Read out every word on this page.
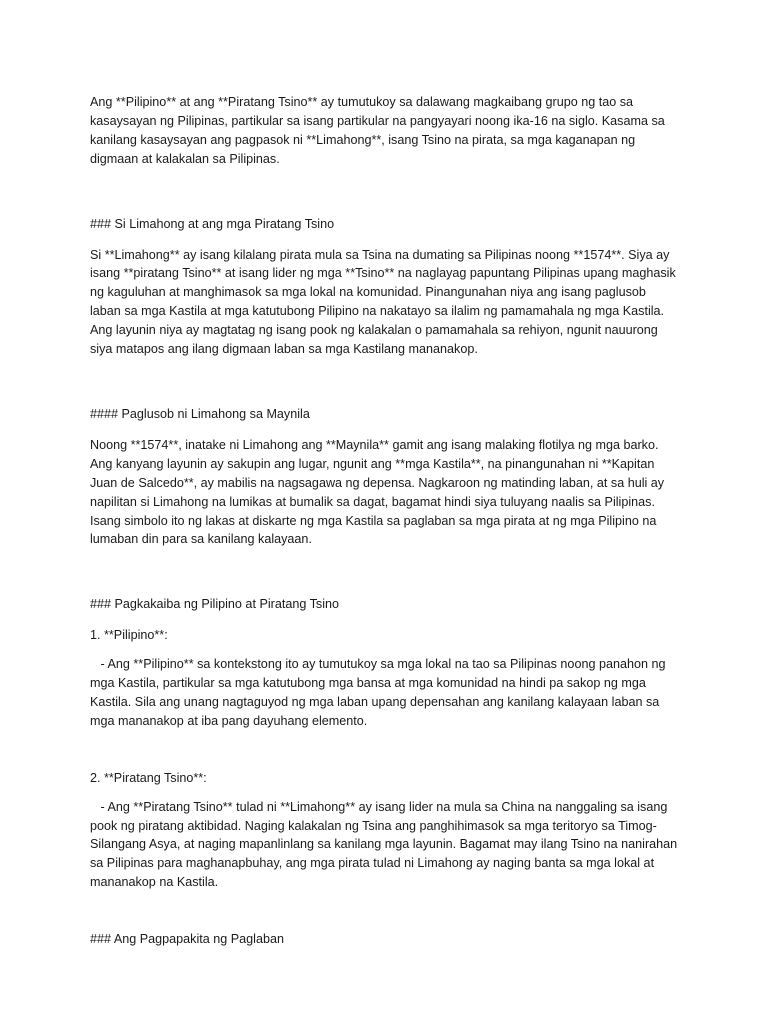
Ang **Pilipino** at ang **Piratang Tsino** ay tumutukoy sa dalawang magkaibang grupo ng tao sa kasaysayan ng Pilipinas, partikular sa isang partikular na pangyayari noong ika-16 na siglo. Kasama sa kanilang kasaysayan ang pagpasok ni **Limahong**, isang Tsino na pirata, sa mga kaganapan ng digmaan at kalakalan sa Pilipinas.

### Si Limahong at ang mga Piratang Tsino

Si **Limahong** ay isang kilalang pirata mula sa Tsina na dumating sa Pilipinas noong **1574**. Siya ay isang **piratang Tsino** at isang lider ng mga **Tsino** na naglayag papuntang Pilipinas upang maghasik ng kaguluhan at manghimasok sa mga lokal na komunidad. Pinangunahan niya ang isang paglusob laban sa mga Kastila at mga katutubong Pilipino na nakatayo sa ilalim ng pamamahala ng mga Kastila. Ang layunin niya ay magtatag ng isang pook ng kalakalan o pamamahala sa rehiyon, ngunit nauurong siya matapos ang ilang digmaan laban sa mga Kastilang mananakop.

#### Paglusob ni Limahong sa Maynila

Noong **1574**, inatake ni Limahong ang **Maynila** gamit ang isang malaking flotilya ng mga barko. Ang kanyang layunin ay sakupin ang lugar, ngunit ang **mga Kastila**, na pinangunahan ni **Kapitan Juan de Salcedo**, ay mabilis na nagsagawa ng depensa. Nagkaroon ng matinding laban, at sa huli ay napilitan si Limahong na lumikas at bumalik sa dagat, bagamat hindi siya tuluyang naalis sa Pilipinas. Isang simbolo ito ng lakas at diskarte ng mga Kastila sa paglaban sa mga pirata at ng mga Pilipino na lumaban din para sa kanilang kalayaan.

### Pagkakaiba ng Pilipino at Piratang Tsino

1. **Pilipino**:

- Ang **Pilipino** sa kontekstong ito ay tumutukoy sa mga lokal na tao sa Pilipinas noong panahon ng mga Kastila, partikular sa mga katutubong mga bansa at mga komunidad na hindi pa sakop ng mga Kastila. Sila ang unang nagtaguyod ng mga laban upang depensahan ang kanilang kalayaan laban sa mga mananakop at iba pang dayuhang elemento.

2. **Piratang Tsino**:

- Ang **Piratang Tsino** tulad ni **Limahong** ay isang lider na mula sa China na nanggaling sa isang pook ng piratang aktibidad. Naging kalakalan ng Tsina ang panghihimasok sa mga teritoryo sa Timog-Silangang Asya, at naging mapanlinlang sa kanilang mga layunin. Bagamat may ilang Tsino na nanirahan sa Pilipinas para maghanapbuhay, ang mga pirata tulad ni Limahong ay naging banta sa mga lokal at mananakop na Kastila.

### Ang Pagpapakita ng Paglaban
